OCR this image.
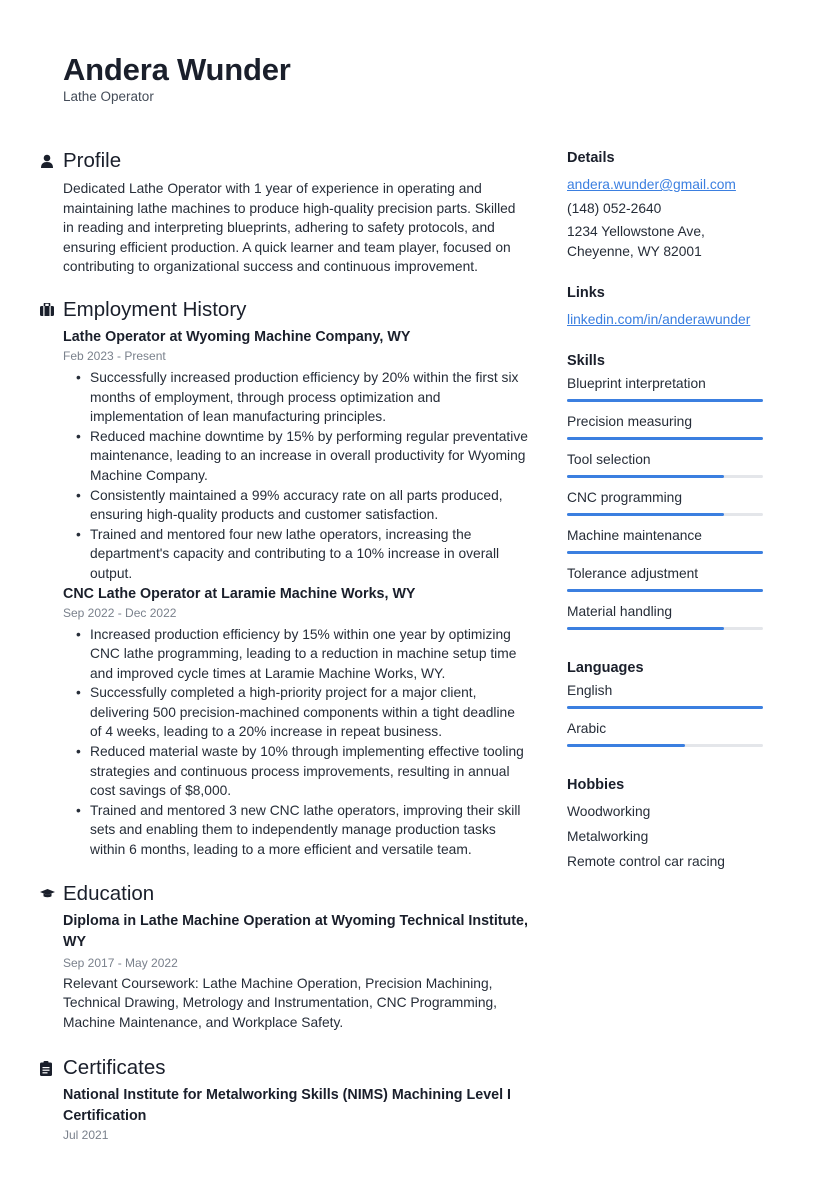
Andera Wunder
Lathe Operator
Profile
Dedicated Lathe Operator with 1 year of experience in operating and maintaining lathe machines to produce high-quality precision parts. Skilled in reading and interpreting blueprints, adhering to safety protocols, and ensuring efficient production. A quick learner and team player, focused on contributing to organizational success and continuous improvement.
Employment History
Lathe Operator at Wyoming Machine Company, WY
Feb 2023 - Present
• Successfully increased production efficiency by 20% within the first six months of employment, through process optimization and implementation of lean manufacturing principles.
• Reduced machine downtime by 15% by performing regular preventative maintenance, leading to an increase in overall productivity for Wyoming Machine Company.
• Consistently maintained a 99% accuracy rate on all parts produced, ensuring high-quality products and customer satisfaction.
• Trained and mentored four new lathe operators, increasing the department's capacity and contributing to a 10% increase in overall output.
CNC Lathe Operator at Laramie Machine Works, WY
Sep 2022 - Dec 2022
• Increased production efficiency by 15% within one year by optimizing CNC lathe programming, leading to a reduction in machine setup time and improved cycle times at Laramie Machine Works, WY.
• Successfully completed a high-priority project for a major client, delivering 500 precision-machined components within a tight deadline of 4 weeks, leading to a 20% increase in repeat business.
• Reduced material waste by 10% through implementing effective tooling strategies and continuous process improvements, resulting in annual cost savings of $8,000.
• Trained and mentored 3 new CNC lathe operators, improving their skill sets and enabling them to independently manage production tasks within 6 months, leading to a more efficient and versatile team.
Education
Diploma in Lathe Machine Operation at Wyoming Technical Institute, WY
Sep 2017 - May 2022
Relevant Coursework: Lathe Machine Operation, Precision Machining, Technical Drawing, Metrology and Instrumentation, CNC Programming, Machine Maintenance, and Workplace Safety.
Certificates
National Institute for Metalworking Skills (NIMS) Machining Level I Certification
Jul 2021
Details
andera.wunder@gmail.com
(148) 052-2640
1234 Yellowstone Ave, Cheyenne, WY 82001
Links
linkedin.com/in/anderawunder
Skills
Blueprint interpretation
Precision measuring
Tool selection
CNC programming
Machine maintenance
Tolerance adjustment
Material handling
Languages
English
Arabic
Hobbies
Woodworking
Metalworking
Remote control car racing
